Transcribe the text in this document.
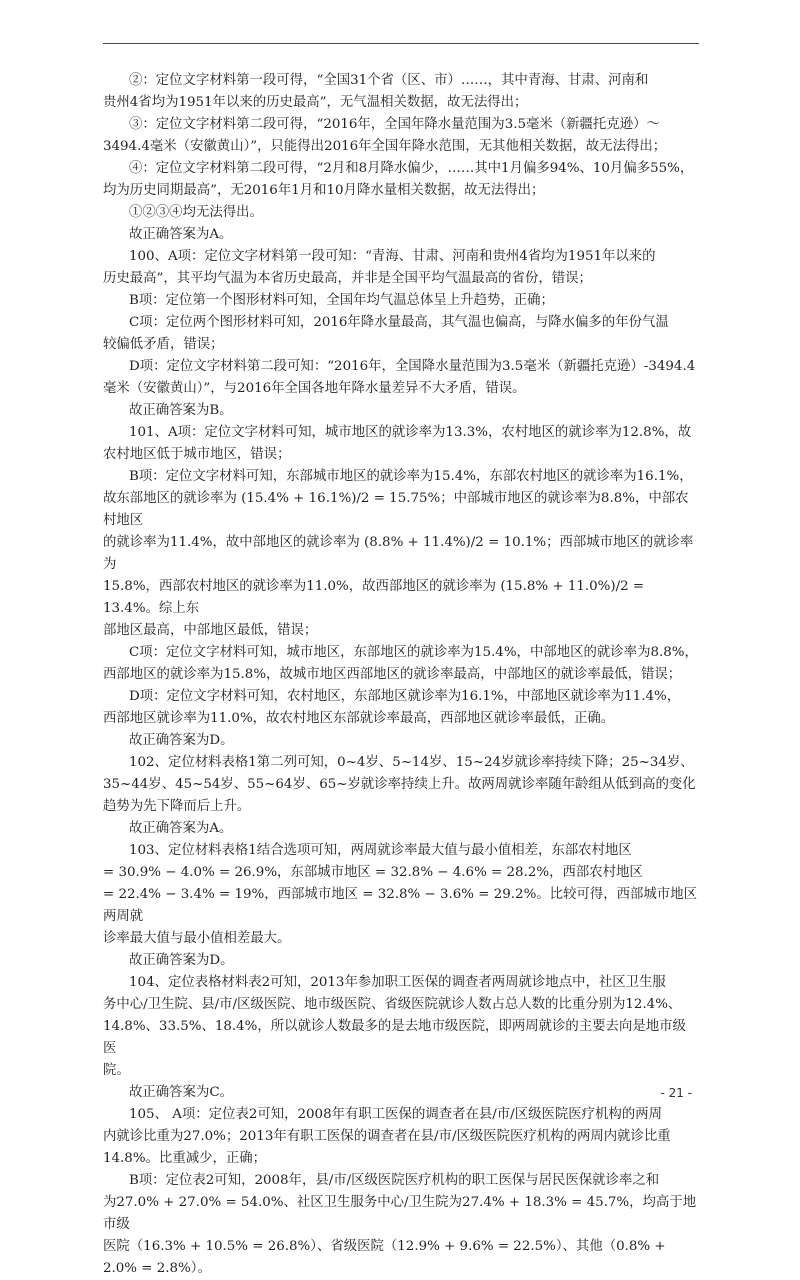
②：定位文字材料第一段可得，“全国31个省（区、市）……，其中青海、甘肃、河南和

贵州4省均为1951年以来的历史最高”，无气温相关数据，故无法得出；

③：定位文字材料第二段可得，“2016年，全国年降水量范围为3.5毫米（新疆托克逊）～

3494.4毫米（安徽黄山）”，只能得出2016年全国年降水范围，无其他相关数据，故无法得出；

④：定位文字材料第二段可得，“2月和8月降水偏少，……其中1月偏多94%、10月偏多55%，

均为历史同期最高”，无2016年1月和10月降水量相关数据，故无法得出；

①②③④均无法得出。

故正确答案为A。

100、A项：定位文字材料第一段可知：“青海、甘肃、河南和贵州4省均为1951年以来的

历史最高”，其平均气温为本省历史最高，并非是全国平均气温最高的省份，错误；

B项：定位第一个图形材料可知，全国年均气温总体呈上升趋势，正确；

C项：定位两个图形材料可知，2016年降水量最高，其气温也偏高，与降水偏多的年份气温

较偏低矛盾，错误；

D项：定位文字材料第二段可知：“2016年，全国降水量范围为3.5毫米（新疆托克逊）-3494.4

毫米（安徽黄山）”，与2016年全国各地年降水量差异不大矛盾，错误。

故正确答案为B。

101、A项：定位文字材料可知，城市地区的就诊率为13.3%，农村地区的就诊率为12.8%，故

农村地区低于城市地区，错误；

B项：定位文字材料可知，东部城市地区的就诊率为15.4%，东部农村地区的就诊率为16.1%，

故东部地区的就诊率为 (15.4% + 16.1%)/2 = 15.75%；中部城市地区的就诊率为8.8%，中部农村地区

的就诊率为11.4%，故中部地区的就诊率为 (8.8% + 11.4%)/2 = 10.1%；西部城市地区的就诊率为

15.8%，西部农村地区的就诊率为11.0%，故西部地区的就诊率为 (15.8% + 11.0%)/2 = 13.4%。综上东

部地区最高，中部地区最低，错误；

C项：定位文字材料可知，城市地区，东部地区的就诊率为15.4%，中部地区的就诊率为8.8%，

西部地区的就诊率为15.8%，故城市地区西部地区的就诊率最高，中部地区的就诊率最低，错误；

D项：定位文字材料可知，农村地区，东部地区就诊率为16.1%，中部地区就诊率为11.4%，

西部地区就诊率为11.0%，故农村地区东部就诊率最高，西部地区就诊率最低，正确。

故正确答案为D。

102、定位材料表格1第二列可知，0~4岁、5~14岁、15~24岁就诊率持续下降；25~34岁、

35~44岁、45~54岁、55~64岁、65~岁就诊率持续上升。故两周就诊率随年龄组从低到高的变化

趋势为先下降而后上升。

故正确答案为A。

103、定位材料表格1结合选项可知，两周就诊率最大值与最小值相差，东部农村地区

= 30.9% − 4.0% = 26.9%，东部城市地区 = 32.8% − 4.6% = 28.2%，西部农村地区

= 22.4% − 3.4% = 19%，西部城市地区 = 32.8% − 3.6% = 29.2%。比较可得，西部城市地区两周就

诊率最大值与最小值相差最大。

故正确答案为D。

104、定位表格材料表2可知，2013年参加职工医保的调查者两周就诊地点中，社区卫生服

务中心/卫生院、县/市/区级医院、地市级医院、省级医院就诊人数占总人数的比重分别为12.4%、

14.8%、33.5%、18.4%，所以就诊人数最多的是去地市级医院，即两周就诊的主要去向是地市级医

院。

故正确答案为C。

105、 A项：定位表2可知，2008年有职工医保的调查者在县/市/区级医院医疗机构的两周

内就诊比重为27.0%；2013年有职工医保的调查者在县/市/区级医院医疗机构的两周内就诊比重

14.8%。比重减少，正确；

B项：定位表2可知，2008年，县/市/区级医院医疗机构的职工医保与居民医保就诊率之和

为27.0% + 27.0% = 54.0%、社区卫生服务中心/卫生院为27.4% + 18.3% = 45.7%，均高于地市级

医院（16.3% + 10.5% = 26.8%）、省级医院（12.9% + 9.6% = 22.5%）、其他（0.8% + 2.0% = 2.8%）。

- 21 -
